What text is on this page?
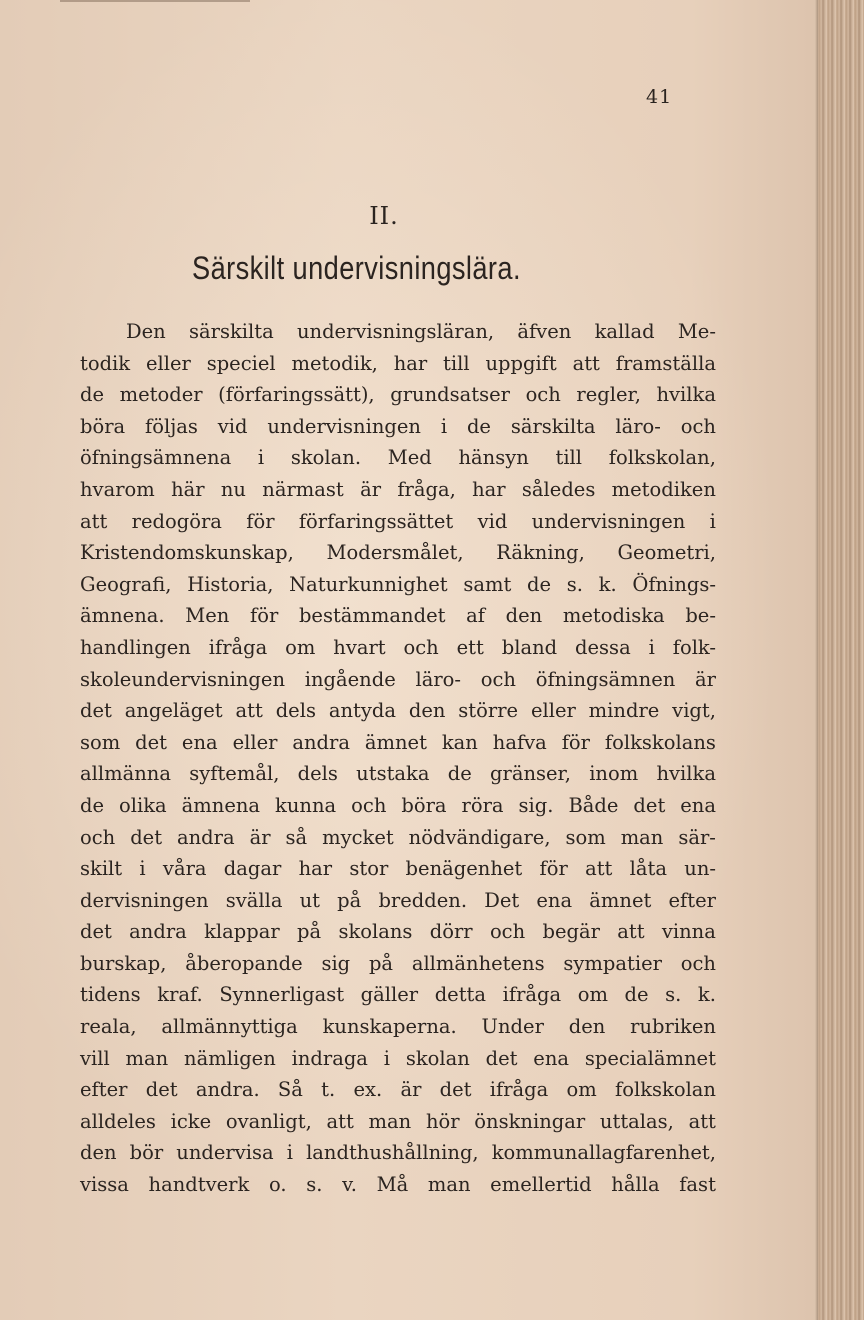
41
II.
Särskilt undervisningslära.
Den särskilta undervisningsläran, äfven kallad Me-
todik eller speciel metodik, har till uppgift att framställa
de metoder (förfaringssätt), grundsatser och regler, hvilka
böra följas vid undervisningen i de särskilta läro- och
öfningsämnena i skolan. Med hänsyn till folkskolan,
hvarom här nu närmast är fråga, har således metodiken
att redogöra för förfaringssättet vid undervisningen i
Kristendomskunskap, Modersmålet, Räkning, Geometri,
Geografi, Historia, Naturkunnighet samt de s. k. Öfnings-
ämnena. Men för bestämmandet af den metodiska be-
handlingen ifråga om hvart och ett bland dessa i folk-
skoleundervisningen ingående läro- och öfningsämnen är
det angeläget att dels antyda den större eller mindre vigt,
som det ena eller andra ämnet kan hafva för folkskolans
allmänna syftemål, dels utstaka de gränser, inom hvilka
de olika ämnena kunna och böra röra sig. Både det ena
och det andra är så mycket nödvändigare, som man sär-
skilt i våra dagar har stor benägenhet för att låta un-
dervisningen svälla ut på bredden. Det ena ämnet efter
det andra klappar på skolans dörr och begär att vinna
burskap, åberopande sig på allmänhetens sympatier och
tidens kraf. Synnerligast gäller detta ifråga om de s. k.
reala, allmännyttiga kunskaperna. Under den rubriken
vill man nämligen indraga i skolan det ena specialämnet
efter det andra. Så t. ex. är det ifråga om folkskolan
alldeles icke ovanligt, att man hör önskningar uttalas, att
den bör undervisa i landthushållning, kommunallagfarenhet,
vissa handtverk o. s. v. Må man emellertid hålla fast
